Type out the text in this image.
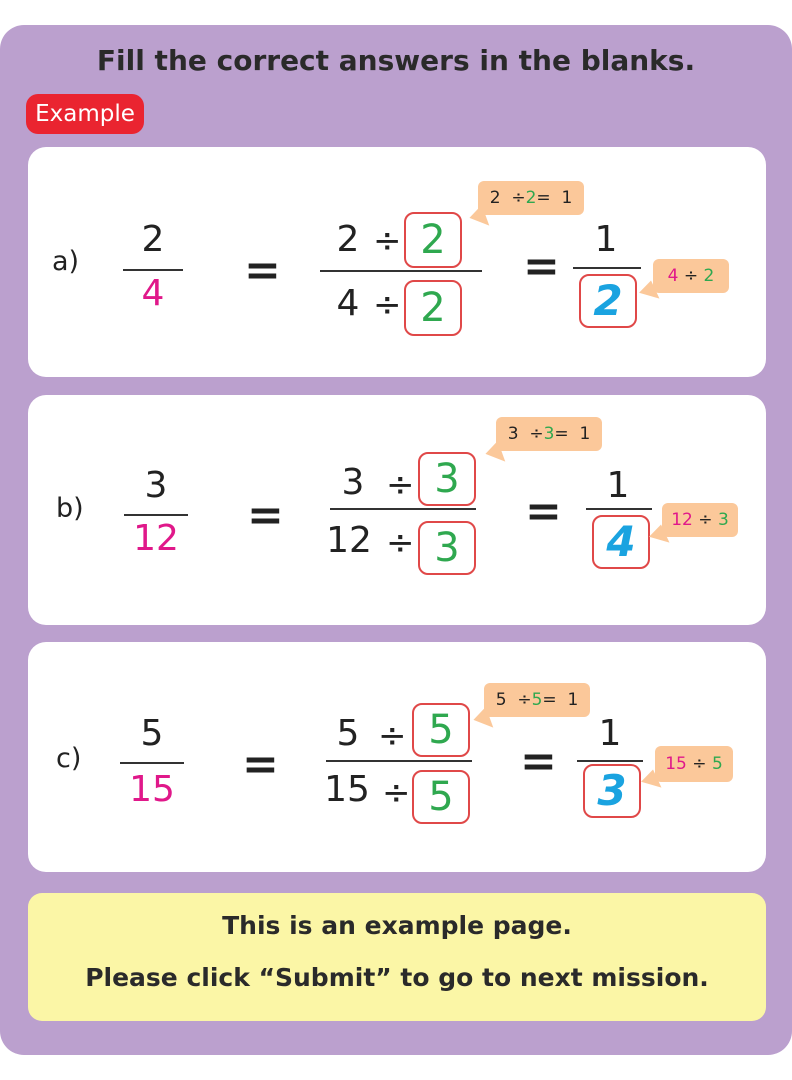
Fill the correct answers in the blanks.
Example
a)
2
4	=
2 ÷ 2
4 ÷ 2
=
1
2
2 ÷2= 1
4 ÷ 2
b)
3
12 =
3 ÷ 3
12 ÷ 3
=
1
4
3 ÷3= 1
12 ÷ 3
c)
5
15 =
5 ÷ 5
15 ÷ 5
=
1
3
5 ÷5= 1
15 ÷ 5
This is an example page.
Please click “Submit” to go to next mission.
